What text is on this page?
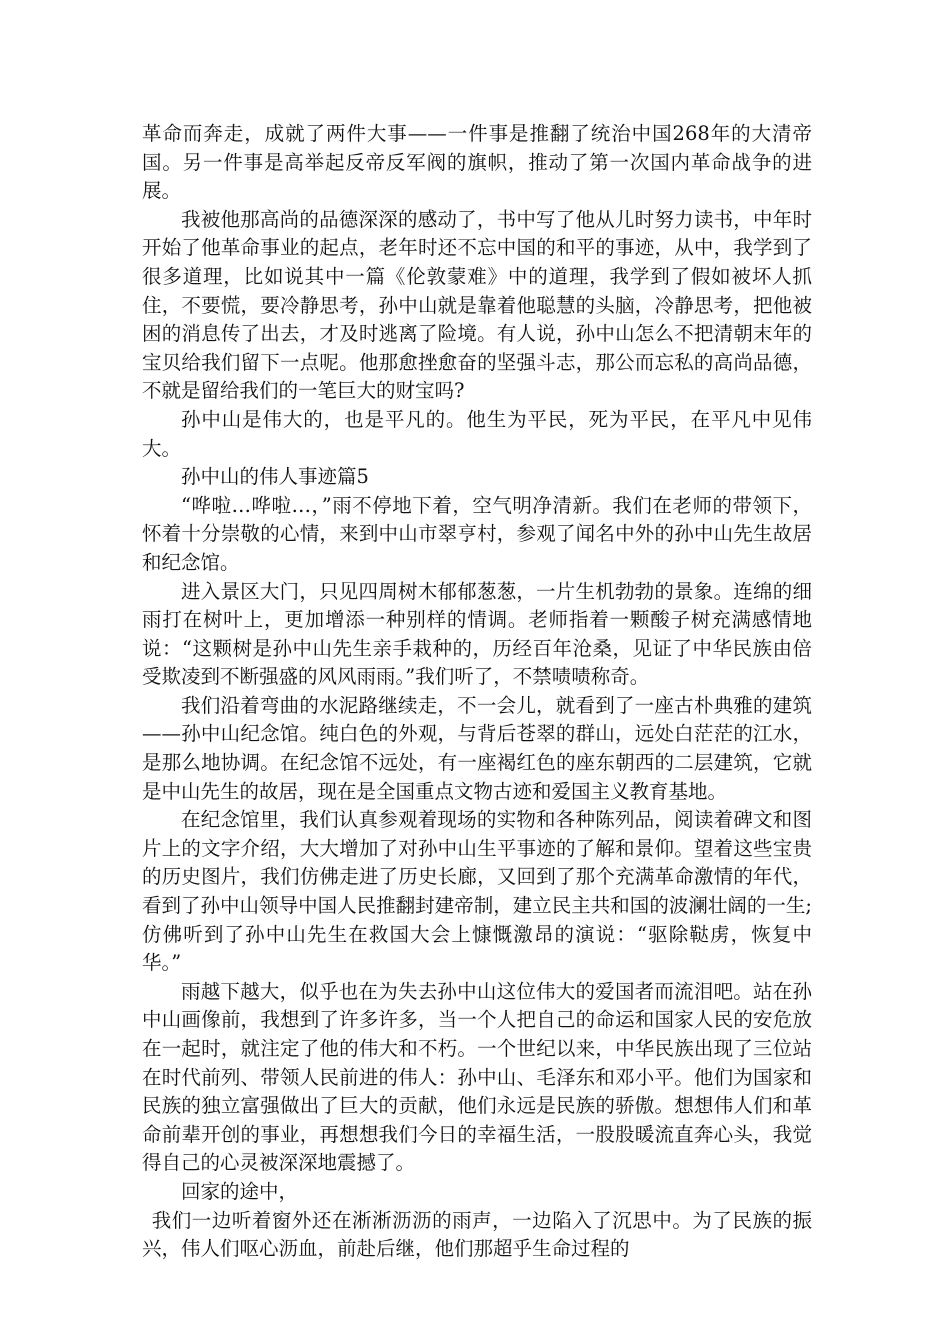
革命而奔走，成就了两件大事——一件事是推翻了统治中国268年的大清帝国。另一件事是高举起反帝反军阀的旗帜，推动了第一次国内革命战争的进展。

我被他那高尚的品德深深的感动了，书中写了他从儿时努力读书，中年时开始了他革命事业的起点，老年时还不忘中国的和平的事迹，从中，我学到了很多道理，比如说其中一篇《伦敦蒙难》中的道理，我学到了假如被坏人抓住，不要慌，要冷静思考，孙中山就是靠着他聪慧的头脑，冷静思考，把他被困的消息传了出去，才及时逃离了险境。有人说，孙中山怎么不把清朝末年的宝贝给我们留下一点呢。他那愈挫愈奋的坚强斗志，那公而忘私的高尚品德，不就是留给我们的一笔巨大的财宝吗?

孙中山是伟大的，也是平凡的。他生为平民，死为平民，在平凡中见伟大。

孙中山的伟人事迹篇5

“哗啦…哗啦…，”雨不停地下着，空气明净清新。我们在老师的带领下，怀着十分崇敬的心情，来到中山市翠亨村，参观了闻名中外的孙中山先生故居和纪念馆。

进入景区大门，只见四周树木郁郁葱葱，一片生机勃勃的景象。连绵的细雨打在树叶上，更加增添一种别样的情调。老师指着一颗酸子树充满感情地说：“这颗树是孙中山先生亲手栽种的，历经百年沧桑，见证了中华民族由倍受欺凌到不断强盛的风风雨雨。”我们听了，不禁啧啧称奇。

我们沿着弯曲的水泥路继续走，不一会儿，就看到了一座古朴典雅的建筑——孙中山纪念馆。纯白色的外观，与背后苍翠的群山，远处白茫茫的江水，是那么地协调。在纪念馆不远处，有一座褐红色的座东朝西的二层建筑，它就是中山先生的故居，现在是全国重点文物古迹和爱国主义教育基地。

在纪念馆里，我们认真参观着现场的实物和各种陈列品，阅读着碑文和图片上的文字介绍，大大增加了对孙中山生平事迹的了解和景仰。望着这些宝贵的历史图片，我们仿佛走进了历史长廊，又回到了那个充满革命激情的年代，看到了孙中山领导中国人民推翻封建帝制，建立民主共和国的波澜壮阔的一生;仿佛听到了孙中山先生在救国大会上慷慨激昂的演说：“驱除鞑虏，恢复中华。”

雨越下越大，似乎也在为失去孙中山这位伟大的爱国者而流泪吧。站在孙中山画像前，我想到了许多许多，当一个人把自己的命运和国家人民的安危放在一起时，就注定了他的伟大和不朽。一个世纪以来，中华民族出现了三位站在时代前列、带领人民前进的伟人：孙中山、毛泽东和邓小平。他们为国家和民族的独立富强做出了巨大的贡献，他们永远是民族的骄傲。想想伟人们和革命前辈开创的事业，再想想我们今日的幸福生活，一股股暖流直奔心头，我觉得自己的心灵被深深地震撼了。

回家的途中，

我们一边听着窗外还在淅淅沥沥的雨声，一边陷入了沉思中。为了民族的振兴，伟人们呕心沥血，前赴后继，他们那超乎生命过程的
